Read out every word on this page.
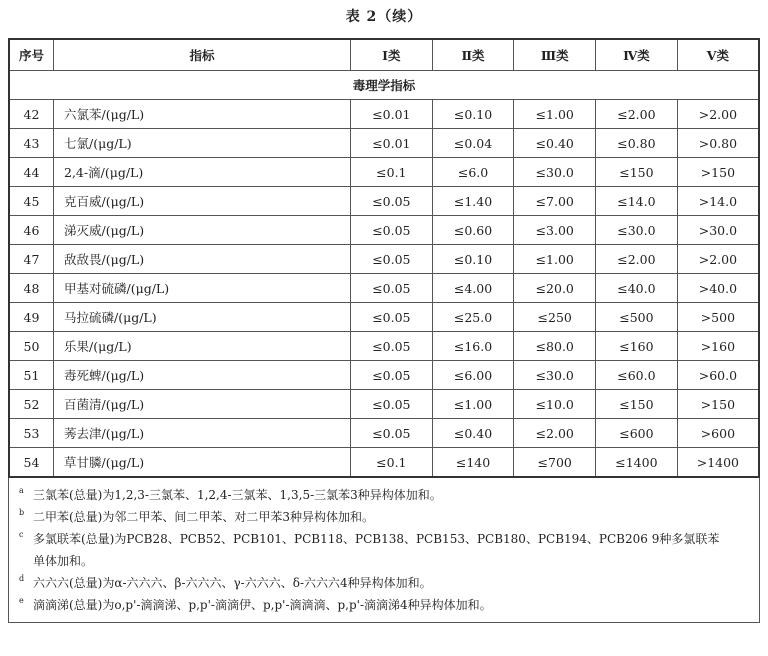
表 2（续）
序号	指标	Ⅰ类	Ⅱ类	Ⅲ类	Ⅳ类	Ⅴ类
毒理学指标						
42	六氯苯/(μg/L)	≤0.01	≤0.10	≤1.00	≤2.00	>2.00
43	七氯/(μg/L)	≤0.01	≤0.04	≤0.40	≤0.80	>0.80
44	2,4-滴/(μg/L)	≤0.1	≤6.0	≤30.0	≤150	>150
45	克百威/(μg/L)	≤0.05	≤1.40	≤7.00	≤14.0	>14.0
46	涕灭威/(μg/L)	≤0.05	≤0.60	≤3.00	≤30.0	>30.0
47	敌敌畏/(μg/L)	≤0.05	≤0.10	≤1.00	≤2.00	>2.00
48	甲基对硫磷/(μg/L)	≤0.05	≤4.00	≤20.0	≤40.0	>40.0
49	马拉硫磷/(μg/L)	≤0.05	≤25.0	≤250	≤500	>500
50	乐果/(μg/L)	≤0.05	≤16.0	≤80.0	≤160	>160
51	毒死蜱/(μg/L)	≤0.05	≤6.00	≤30.0	≤60.0	>60.0
52	百菌清/(μg/L)	≤0.05	≤1.00	≤10.0	≤150	>150
53	莠去津/(μg/L)	≤0.05	≤0.40	≤2.00	≤600	>600
54	草甘膦/(μg/L)	≤0.1	≤140	≤700	≤1400	>1400
a 三氯苯(总量)为1,2,3-三氯苯、1,2,4-三氯苯、1,3,5-三氯苯3种异构体加和。
b 二甲苯(总量)为邻二甲苯、间二甲苯、对二甲苯3种异构体加和。
c 多氯联苯(总量)为PCB28、PCB52、PCB101、PCB118、PCB138、PCB153、PCB180、PCB194、PCB206 9种多氯联苯
单体加和。
d 六六六(总量)为α-六六六、β-六六六、γ-六六六、δ-六六六4种异构体加和。
e 滴滴涕(总量)为o,p'-滴滴涕、p,p'-滴滴伊、p,p'-滴滴滴、p,p'-滴滴涕4种异构体加和。
